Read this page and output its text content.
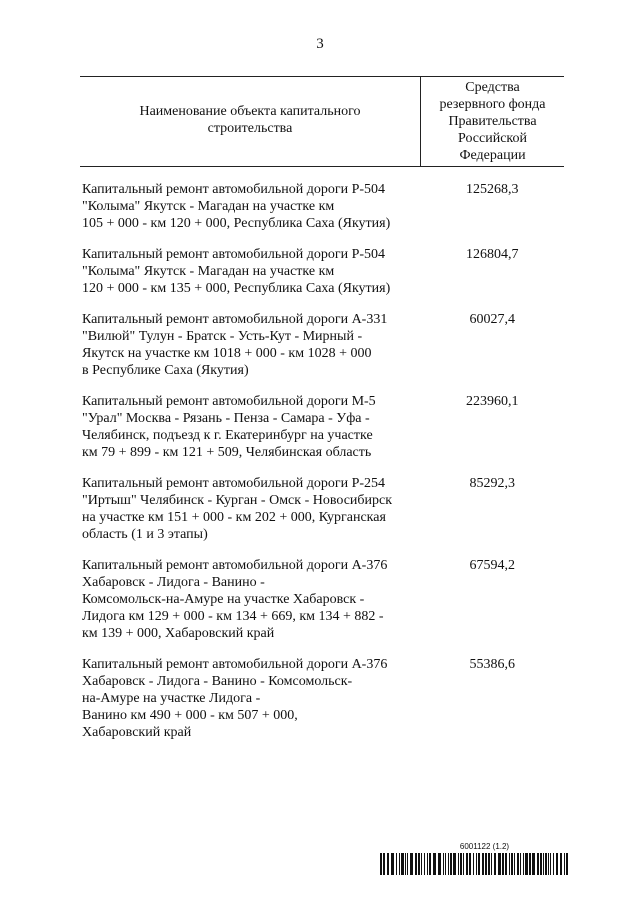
3
Наименование объекта капитального
строительства
Средства
резервного фонда
Правительства
Российской
Федерации
Капитальный ремонт автомобильной дороги Р-504
"Колыма" Якутск - Магадан на участке км
105 + 000 - км 120 + 000, Республика Саха (Якутия)
125268,3
Капитальный ремонт автомобильной дороги Р-504
"Колыма" Якутск - Магадан на участке км
120 + 000 - км 135 + 000, Республика Саха (Якутия)
126804,7
Капитальный ремонт автомобильной дороги А-331
"Вилюй" Тулун - Братск - Усть-Кут - Мирный -
Якутск на участке км 1018 + 000 - км 1028 + 000
в Республике Саха (Якутия)
60027,4
Капитальный ремонт автомобильной дороги М-5
"Урал" Москва - Рязань - Пенза - Самара - Уфа -
Челябинск, подъезд к г. Екатеринбург на участке
км 79 + 899 - км 121 + 509, Челябинская область
223960,1
Капитальный ремонт автомобильной дороги Р-254
"Иртыш" Челябинск - Курган - Омск - Новосибирск
на участке км 151 + 000 - км 202 + 000, Курганская
область (1 и 3 этапы)
85292,3
Капитальный ремонт автомобильной дороги А-376
Хабаровск - Лидога - Ванино -
Комсомольск-на-Амуре на участке Хабаровск -
Лидога км 129 + 000 - км 134 + 669, км 134 + 882 -
км 139 + 000, Хабаровский край
67594,2
Капитальный ремонт автомобильной дороги А-376
Хабаровск - Лидога - Ванино - Комсомольск-
на-Амуре на участке Лидога -
Ванино км 490 + 000 - км 507 + 000,
Хабаровский край
55386,6
6001122 (1.2)
